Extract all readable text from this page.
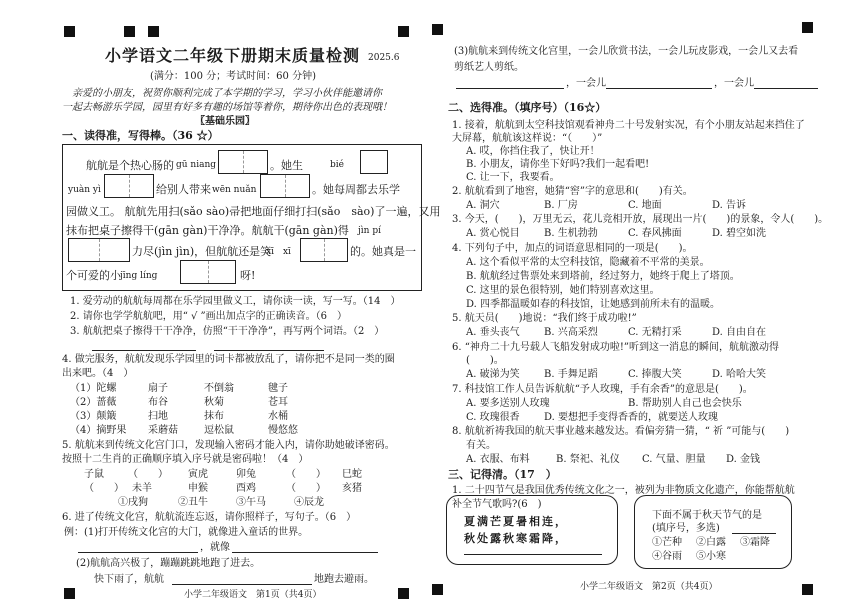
小学语文二年级下册期末质量检测 2025.6
(满分：100 分；考试时间：60 分钟)
亲爱的小朋友，祝贺你顺利完成了本学期的学习，学习小伙伴能邀请你
一起去畅游乐学园，园里有好多有趣的场馆等着你，期待你出色的表现哦！
〖基础乐园〗
一、读得准，写得棒。（36 ☆）
航航是个热心肠的 gū niang	。她生	bié
yuàn yì	给别人带来 wēn nuǎn	。她每周都去乐学
园做义工。 航航先用扫(sǎo sào)帚把地面仔细打扫(sǎo　sào)了一遍，又用
抹布把桌子擦得干(gān gàn)干净净。航航干(gān gàn)得 jìn pí
力尽(jìn jìn)，但航航还是笑
xī　xī	的。她真是一
个可爱的小 jīng líng	呀!
1. 爱劳动的航航每周都在乐学园里做义工，请你读一读，写一写。（14　）
2. 请你也学学航航吧，用“ √ ”画出加点字的正确读音。（6　）
3. 航航把桌子擦得干干净净，仿照“干干净净”，再写两个词语。（2　）
4. 做完服务，航航发现乐学园里的词卡都被放乱了，请你把不是同一类的圈
出来吧。（4　）
（1）陀螺	扇子	不倒翁	毽子
（2）蔷薇	布谷	秋菊	苍耳
（3）颠簸	扫地	抹布	水桶
（4）摘野果 采蘑菇	逗松鼠	慢悠悠
5. 航航来到传统文化宫门口，发现输入密码才能入内，请你助她破译密码。
按照十二生肖的正确顺序填入序号就是密码啦！（4　）
子鼠 （　　） 寅虎	卯兔	（　　） 巳蛇
（　　） 未羊	申猴	酉鸡	（　　） 亥猪
①戌狗	②丑牛	③午马	④辰龙
6. 进了传统文化宫，航航流连忘返，请你照样子，写句子。（6　）
例：(1)打开传统文化宫的大门，就像进入童话的世界。
，就像
(2)航航高兴极了，蹦蹦跳跳地跑了进去。
快下雨了，航航	地跑去避雨。
小学二年级语文　第1页（共4页）
(3)航航来到传统文化宫里，一会儿欣赏书法，一会儿玩皮影戏，一会儿又去看
剪纸艺人剪纸。
，一会儿	，一会儿
二、选得准。（填序号）（16☆）
1. 接着，航航到太空科技馆观看神舟二十号发射实况，有个小朋友站起来挡住了
大屏幕，航航该这样说：“（　　）”
A. 哎，你挡住我了，快让开！
B. 小朋友，请你坐下好吗?我们一起看吧!
C. 让一下，我要看。
2. 航航看到了地窖，她猜“窖”字的意思和(　　)有关。
A. 洞穴	B. 厂房	C. 地面	D. 告诉
3. 今天，(　　)，万里无云，花儿竞相开放，展现出一片(　　)的景象，令人(　　)。
A. 赏心悦目 B. 生机勃勃	C. 春风拂面	D. 碧空如洗
4. 下列句子中，加点的词语意思相同的一项是(　　)。
A. 这个看似平常的太空科技馆，隐藏着不平常的美景。
B. 航航经过售票处来到塔前，经过努力，她终于爬上了塔顶。
C. 这里的景色很特别，她们特别喜欢这里。
D. 四季都温暖如春的科技馆，让她感到前所未有的温暖。
5. 航天员(　　)地说：“我们终于成功啦!”
A. 垂头丧气 B. 兴高采烈	C. 无精打采	D. 自由自在
6. “神舟二十九号载人飞船发射成功啦!”听到这一消息的瞬间，航航激动得
(　　)。
A. 破涕为笑 B. 手舞足蹈	C. 捧腹大笑	D. 哈哈大笑
7. 科技馆工作人员告诉航航“予人玫瑰，手有余香”的意思是(　　)。
A. 要多送别人玫瑰	B. 帮助别人自己也会快乐
C. 玫瑰很香 D. 要想把手变得香香的，就要送人玫瑰
8. 航航祈祷我国的航天事业越来越发达。看偏旁猜一猜，“ 祈 ”可能与(　　)
有关。
A. 衣服、布料	B. 祭祀、礼仪 C. 气量、胆量 D. 金钱
三、记得清。（17　）
1. 二十四节气是我国优秀传统文化之一，被列为非物质文化遗产，你能帮航航
补全节气歌吗?(6　)
夏满芒夏暑相连，
秋处露秋寒霜降，
下面不属于秋天节气的是
(填序号，多选)
①芒种 ②白露 ③霜降
④谷雨 ⑤小寒
小学二年级语文　第2页（共4页）
